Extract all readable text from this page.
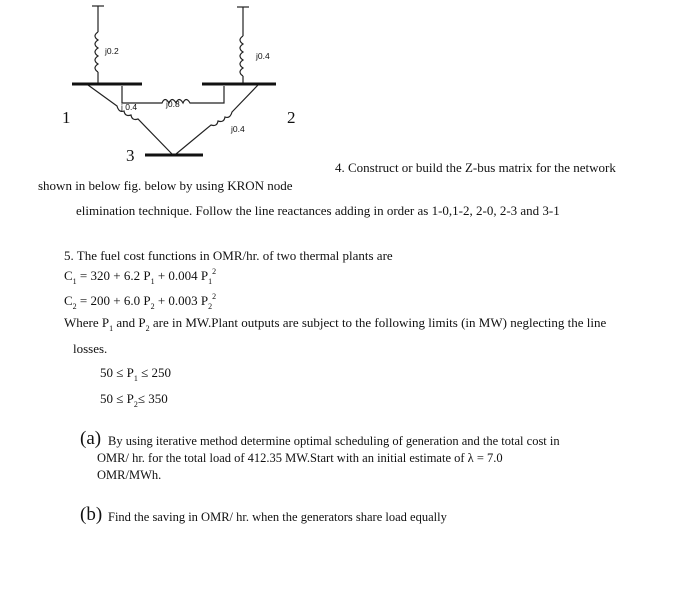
j0.2	j0.4
j 0.4	j0.8
j0.4
1	2
3
4. Construct or build the Z-bus matrix for the network
shown in below fig. below by using KRON node
elimination technique. Follow the line reactances adding in order as 1-0,1-2, 2-0, 2-3 and 3-1
5. The fuel cost functions in OMR/hr. of two thermal plants are
$C_1 = 320 + 6.2$ $P_1 + 0.004$ $P_1^2$
$C_2 = 200 + 6.0$ $P_2 + 0.003$ $P_2^2$
Where $P_1$ and $P_2$ are in MW.Plant outputs are subject to the following limits (in MW) neglecting the line
losses.
$50 \le P_1 \le 250$
$50 \le P_2\le 350$
(a) By using iterative method determine optimal scheduling of generation and the total cost in
OMR/ hr. for the total load of 412.35 MW.Start with an initial estimate of λ = 7.0
OMR/MWh.
(b) Find the saving in OMR/ hr. when the generators share load equally
